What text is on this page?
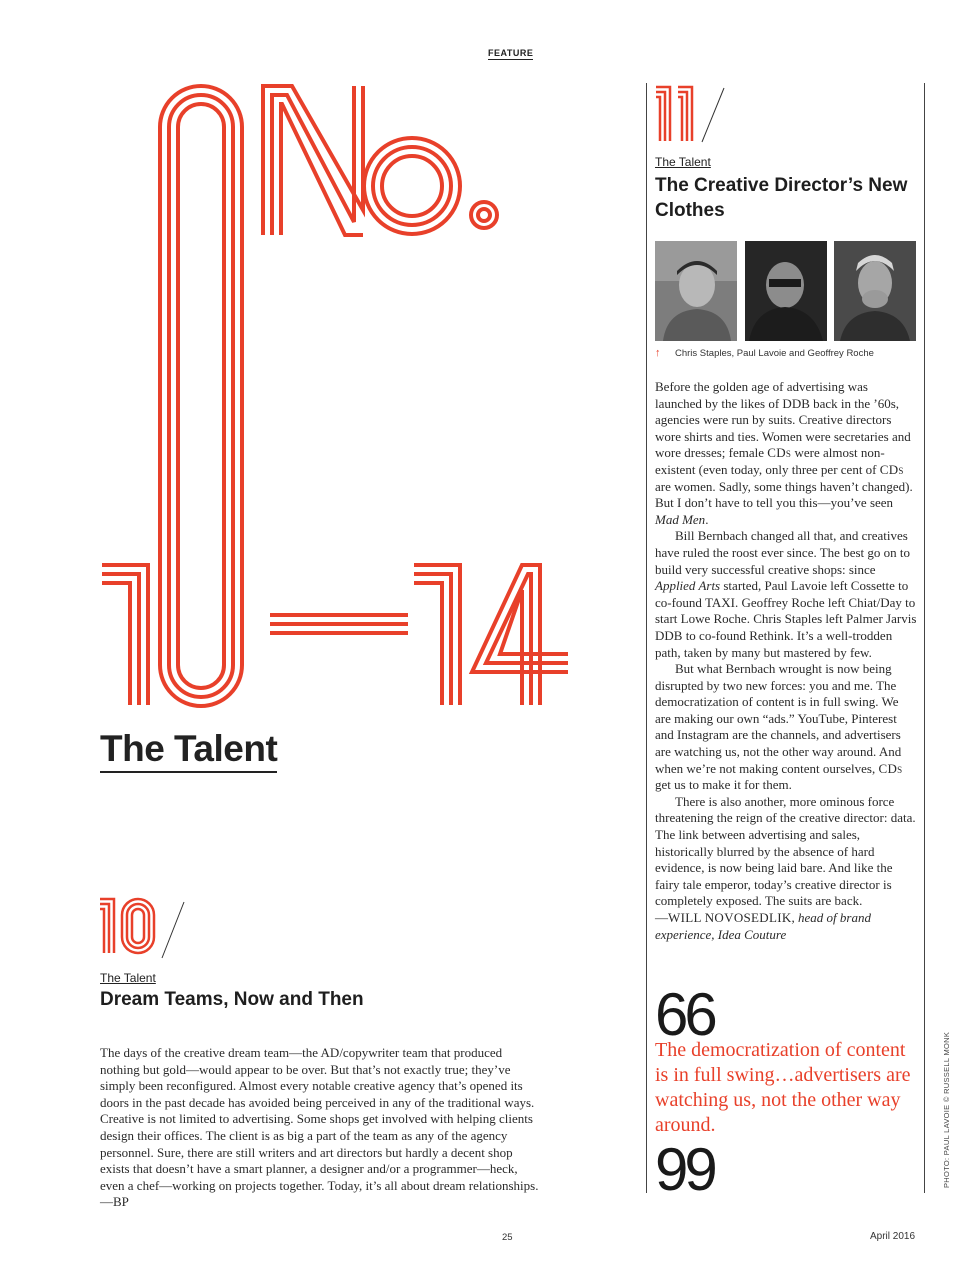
FEATURE
The Talent
The Talent
Dream Teams, Now and Then
The days of the creative dream team—the AD/copywriter team that produced nothing but gold—would appear to be over. But that’s not exactly true; they’ve simply been reconfigured. Almost every notable creative agency that’s opened its doors in the past decade has avoided being perceived in any of the traditional ways. Creative is not limited to advertising. Some shops get involved with helping clients design their offices. The client is as big a part of the team as any of the agency personnel. Sure, there are still writers and art directors but hardly a decent shop exists that doesn’t have a smart planner, a designer and/or a programmer—heck, even a chef—working on projects together. Today, it’s all about dream relationships.—BP
The Talent
The Creative Director’s New Clothes
↑ Chris Staples, Paul Lavoie and Geoffrey Roche

Before the golden age of advertising was launched by the likes of DDB back in the ’60s, agencies were run by suits. Creative directors wore shirts and ties. Women were secretaries and wore dresses; female CDs were almost non-existent (even today, only three per cent of CDs are women. Sadly, some things haven’t changed). But I don’t have to tell you this—you’ve seen Mad Men.

Bill Bernbach changed all that, and creatives have ruled the roost ever since. The best go on to build very successful creative shops: since Applied Arts started, Paul Lavoie left Cossette to co-found TAXI. Geoffrey Roche left Chiat/Day to start Lowe Roche. Chris Staples left Palmer Jarvis DDB to co-found Rethink. It’s a well-trodden path, taken by many but mastered by few.

But what Bernbach wrought is now being disrupted by two new forces: you and me. The democratization of content is in full swing. We are making our own “ads.” YouTube, Pinterest and Instagram are the channels, and advertisers are watching us, not the other way around. And when we’re not making content ourselves, CDs get us to make it for them.

There is also another, more ominous force threatening the reign of the creative director: data. The link between advertising and sales, historically blurred by the absence of hard evidence, is now being laid bare. And like the fairy tale emperor, today’s creative director is completely exposed. The suits are back.

—WILL NOVOSEDLIK, head of brand experience, Idea Couture

66
The democratization of content is in full swing…advertisers are watching us, not the other way around.
99	PHOTO: PAUL LAVOIE © RUSSELL MONK
25	April 2016
